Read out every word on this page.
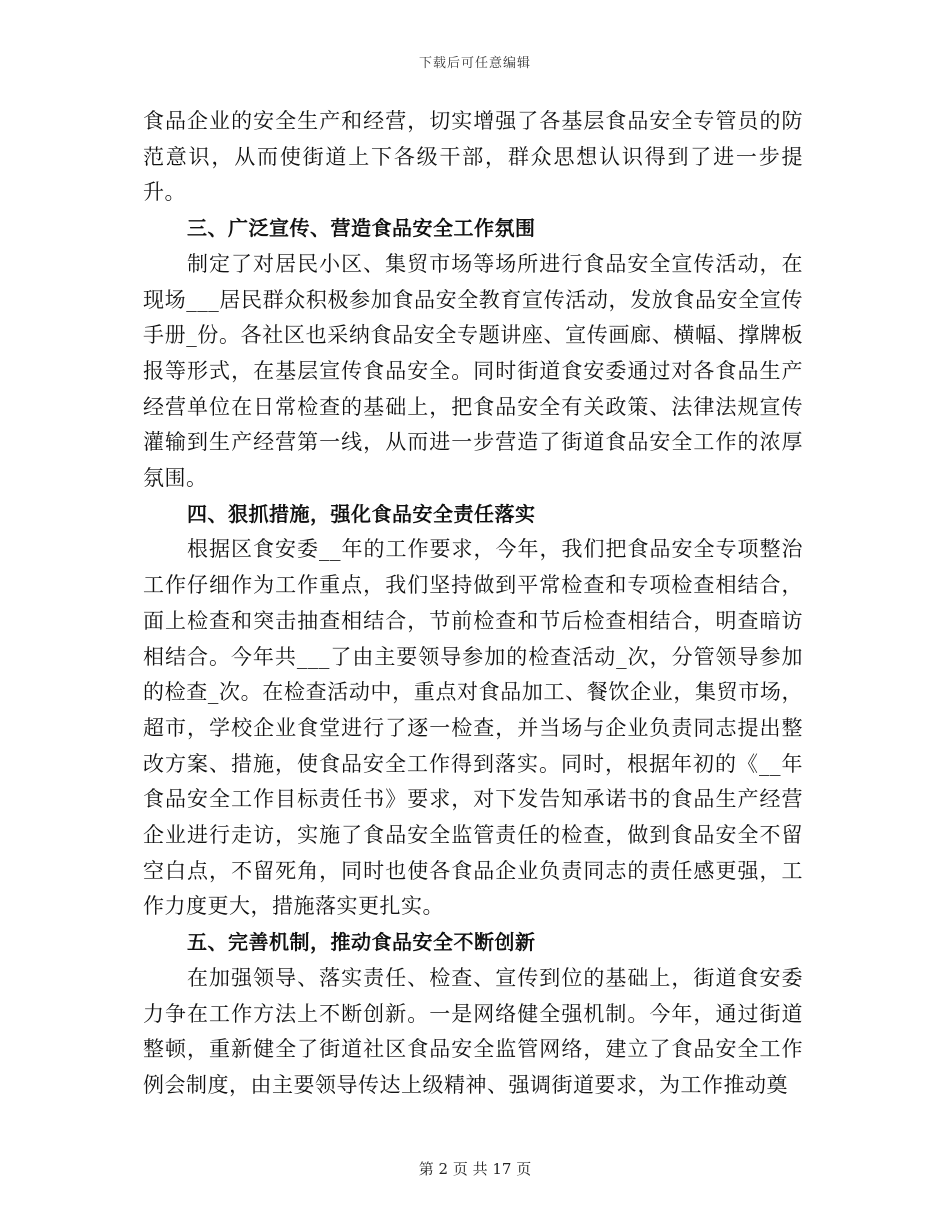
下载后可任意编辑

食品企业的安全生产和经营，切实增强了各基层食品安全专管员的防范意识，从而使街道上下各级干部，群众思想认识得到了进一步提升。

三、广泛宣传、营造食品安全工作氛围

制定了对居民小区、集贸市场等场所进行食品安全宣传活动，在现场___居民群众积极参加食品安全教育宣传活动，发放食品安全宣传手册_份。各社区也采纳食品安全专题讲座、宣传画廊、横幅、撑牌板报等形式，在基层宣传食品安全。同时街道食安委通过对各食品生产经营单位在日常检查的基础上，把食品安全有关政策、法律法规宣传灌输到生产经营第一线，从而进一步营造了街道食品安全工作的浓厚氛围。

四、狠抓措施，强化食品安全责任落实

根据区食安委__年的工作要求，今年，我们把食品安全专项整治工作仔细作为工作重点，我们坚持做到平常检查和专项检查相结合，面上检查和突击抽查相结合，节前检查和节后检查相结合，明查暗访相结合。今年共___了由主要领导参加的检查活动_次，分管领导参加的检查_次。在检查活动中，重点对食品加工、餐饮企业，集贸市场，超市，学校企业食堂进行了逐一检查，并当场与企业负责同志提出整改方案、措施，使食品安全工作得到落实。同时，根据年初的《__年食品安全工作目标责任书》要求，对下发告知承诺书的食品生产经营企业进行走访，实施了食品安全监管责任的检查，做到食品安全不留空白点，不留死角，同时也使各食品企业负责同志的责任感更强，工作力度更大，措施落实更扎实。

五、完善机制，推动食品安全不断创新

在加强领导、落实责任、检查、宣传到位的基础上，街道食安委力争在工作方法上不断创新。一是网络健全强机制。今年，通过街道整顿，重新健全了街道社区食品安全监管网络，建立了食品安全工作例会制度，由主要领导传达上级精神、强调街道要求，为工作推动奠

第 2 页 共 17 页
